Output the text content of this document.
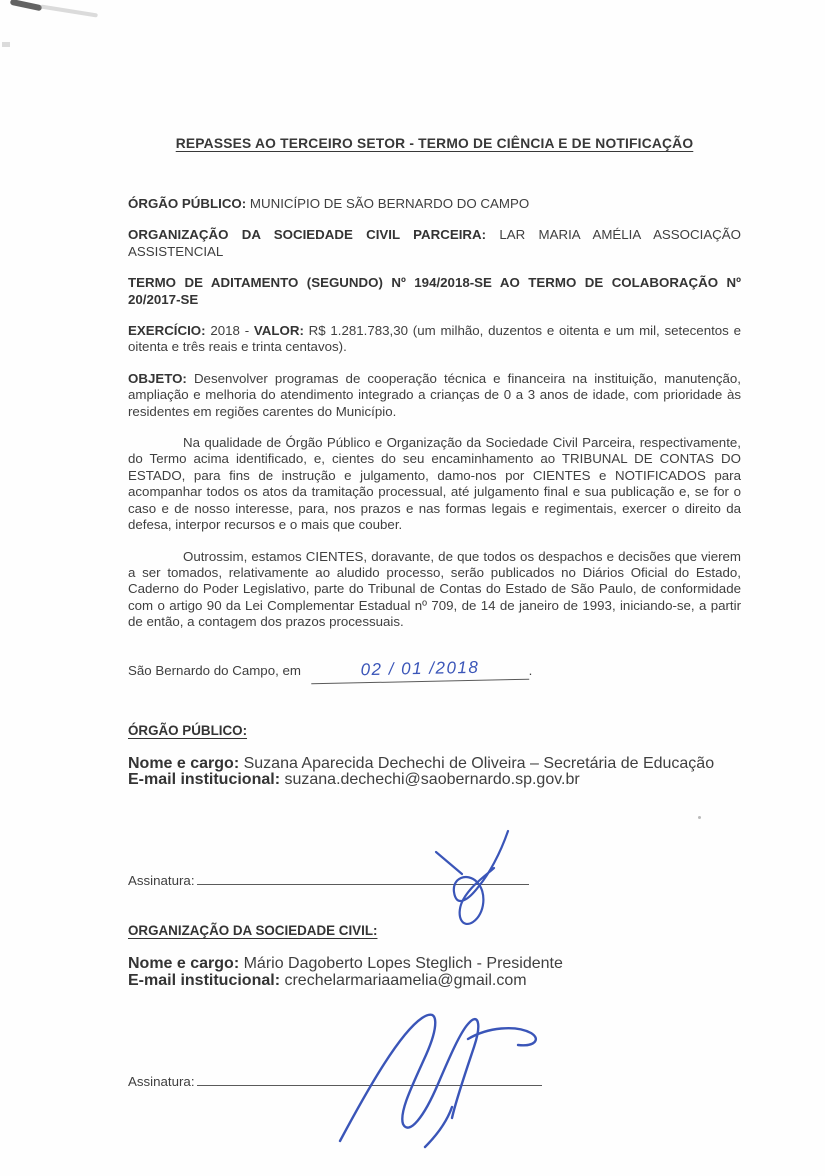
REPASSES AO TERCEIRO SETOR - TERMO DE CIÊNCIA E DE NOTIFICAÇÃO

ÓRGÃO PÚBLICO: MUNICÍPIO DE SÃO BERNARDO DO CAMPO

ORGANIZAÇÃO DA SOCIEDADE CIVIL PARCEIRA: LAR MARIA AMÉLIA ASSOCIAÇÃO ASSISTENCIAL

TERMO DE ADITAMENTO (SEGUNDO) Nº 194/2018-SE AO TERMO DE COLABORAÇÃO Nº 20/2017-SE

EXERCÍCIO: 2018 - VALOR: R$ 1.281.783,30 (um milhão, duzentos e oitenta e um mil, setecentos e oitenta e três reais e trinta centavos).

OBJETO: Desenvolver programas de cooperação técnica e financeira na instituição, manutenção, ampliação e melhoria do atendimento integrado a crianças de 0 a 3 anos de idade, com prioridade às residentes em regiões carentes do Município.

Na qualidade de Órgão Público e Organização da Sociedade Civil Parceira, respectivamente, do Termo acima identificado, e, cientes do seu encaminhamento ao TRIBUNAL DE CONTAS DO ESTADO, para fins de instrução e julgamento, damo-nos por CIENTES e NOTIFICADOS para acompanhar todos os atos da tramitação processual, até julgamento final e sua publicação e, se for o caso e de nosso interesse, para, nos prazos e nas formas legais e regimentais, exercer o direito da defesa, interpor recursos e o mais que couber.

Outrossim, estamos CIENTES, doravante, de que todos os despachos e decisões que vierem a ser tomados, relativamente ao aludido processo, serão publicados no Diários Oficial do Estado, Caderno do Poder Legislativo, parte do Tribunal de Contas do Estado de São Paulo, de conformidade com o artigo 90 da Lei Complementar Estadual nº 709, de 14 de janeiro de 1993, iniciando-se, a partir de então, a contagem dos prazos processuais.

São Bernardo do Campo, em	02 / 01 /2018	.

ÓRGÃO PÚBLICO:
Nome e cargo: Suzana Aparecida Dechechi de Oliveira – Secretária de Educação
E-mail institucional: suzana.dechechi@saobernardo.sp.gov.br
Assinatura:
ORGANIZAÇÃO DA SOCIEDADE CIVIL:
Nome e cargo: Mário Dagoberto Lopes Steglich - Presidente
E-mail institucional: crechelarmariaamelia@gmail.com
Assinatura:
